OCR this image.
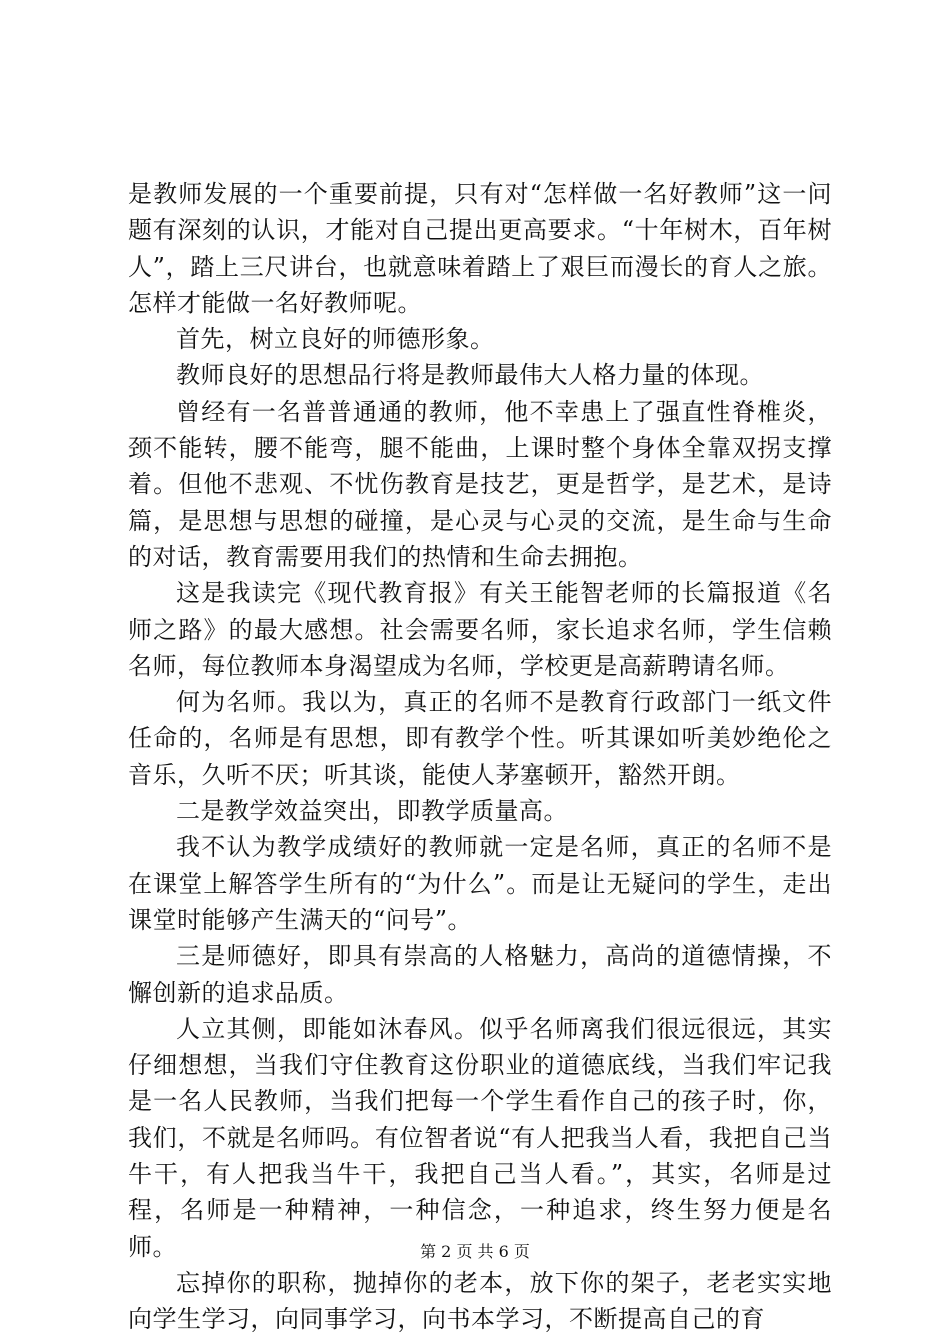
是教师发展的一个重要前提，只有对“怎样做一名好教师”这一问题有深刻的认识，才能对自己提出更高要求。“十年树木，百年树人”，踏上三尺讲台，也就意味着踏上了艰巨而漫长的育人之旅。怎样才能做一名好教师呢。

首先，树立良好的师德形象。

教师良好的思想品行将是教师最伟大人格力量的体现。

曾经有一名普普通通的教师，他不幸患上了强直性脊椎炎，颈不能转，腰不能弯，腿不能曲，上课时整个身体全靠双拐支撑着。但他不悲观、不忧伤教育是技艺，更是哲学，是艺术，是诗篇，是思想与思想的碰撞，是心灵与心灵的交流，是生命与生命的对话，教育需要用我们的热情和生命去拥抱。

这是我读完《现代教育报》有关王能智老师的长篇报道《名师之路》的最大感想。社会需要名师，家长追求名师，学生信赖名师，每位教师本身渴望成为名师，学校更是高薪聘请名师。

何为名师。我以为，真正的名师不是教育行政部门一纸文件任命的，名师是有思想，即有教学个性。听其课如听美妙绝伦之音乐，久听不厌；听其谈，能使人茅塞顿开，豁然开朗。

二是教学效益突出，即教学质量高。

我不认为教学成绩好的教师就一定是名师，真正的名师不是在课堂上解答学生所有的“为什么”。而是让无疑问的学生，走出课堂时能够产生满天的“问号”。

三是师德好，即具有崇高的人格魅力，高尚的道德情操，不懈创新的追求品质。

人立其侧，即能如沐春风。似乎名师离我们很远很远，其实仔细想想，当我们守住教育这份职业的道德底线，当我们牢记我是一名人民教师，当我们把每一个学生看作自己的孩子时，你，我们，不就是名师吗。有位智者说“有人把我当人看，我把自己当牛干，有人把我当牛干，我把自己当人看。”，其实，名师是过程，名师是一种精神，一种信念，一种追求，终生努力便是名师。

忘掉你的职称，抛掉你的老本，放下你的架子，老老实实地向学生学习，向同事学习，向书本学习，不断提高自己的育

第 2 页 共 6 页
